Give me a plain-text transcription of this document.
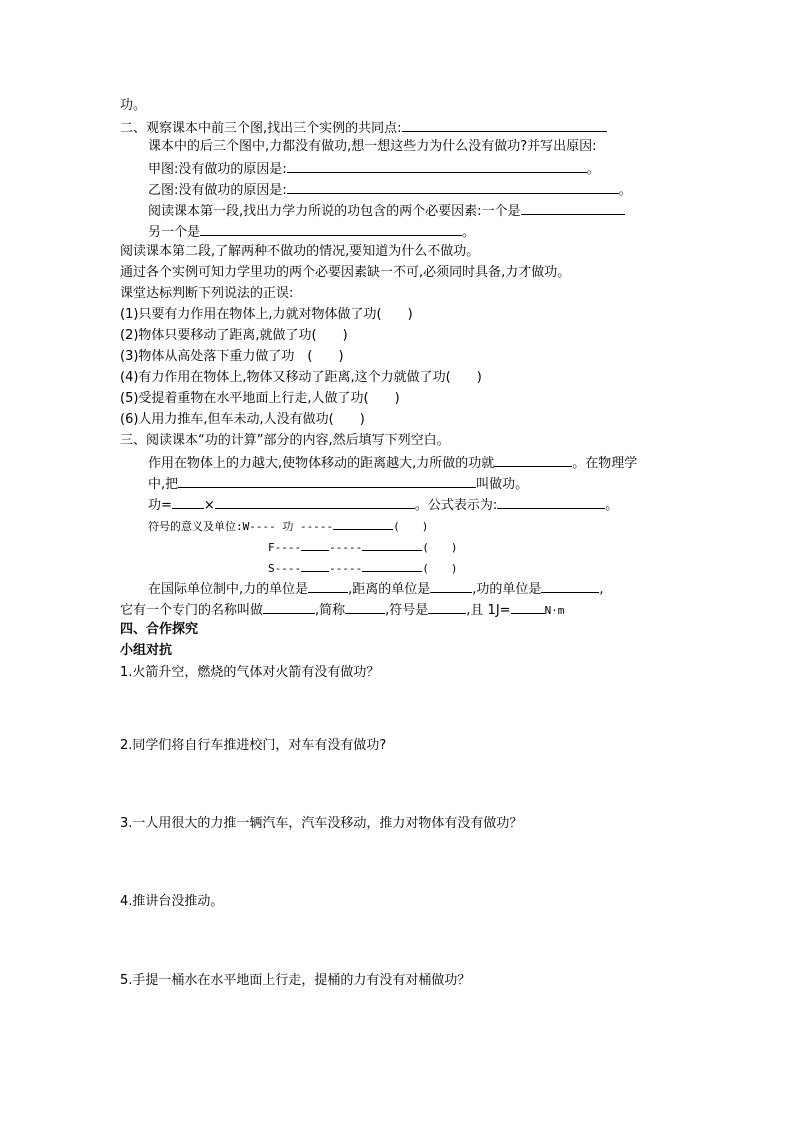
功。
二、观察课本中前三个图,找出三个实例的共同点:
课本中的后三个图中,力都没有做功,想一想这些力为什么没有做功?并写出原因:
甲图:没有做功的原因是:	。
乙图:没有做功的原因是:	。
阅读课本第一段,找出力学力所说的功包含的两个必要因素:一个是
另一个是	。
阅读课本第二段,了解两种不做功的情况,要知道为什么不做功。
通过各个实例可知力学里功的两个必要因素缺一不可,必须同时具备,力才做功。
课堂达标判断下列说法的正误:
(1)只要有力作用在物体上,力就对物体做了功(　　)
(2)物体只要移动了距离,就做了功(　　)
(3)物体从高处落下重力做了功　(　　)
(4)有力作用在物体上,物体又移动了距离,这个力就做了功(　　)
(5)受提着重物在水平地面上行走,人做了功(　　)
(6)人用力推车,但车未动,人没有做功(　　)
三、阅读课本“功的计算”部分的内容,然后填写下列空白。
作用在物体上的力越大,使物体移动的距离越大,力所做的功就	。在物理学
中,把	叫做功。
功= ×	。公式表示为:	。
符号的意义及单位:W---- 功 -----	(　　)
F----	-----	(　　)
S----	-----	(　　)
在国际单位制中,力的单位是	,距离的单位是	,功的单位是	,
它有一个专门的名称叫做	,简称	,符号是	,且 1J=	N·m
四、合作探究
小组对抗
1.火箭升空，燃烧的气体对火箭有没有做功？
2.同学们将自行车推进校门，对车有没有做功?
3.一人用很大的力推一辆汽车，汽车没移动，推力对物体有没有做功？
4.推讲台没推动。
5.手提一桶水在水平地面上行走，提桶的力有没有对桶做功？
